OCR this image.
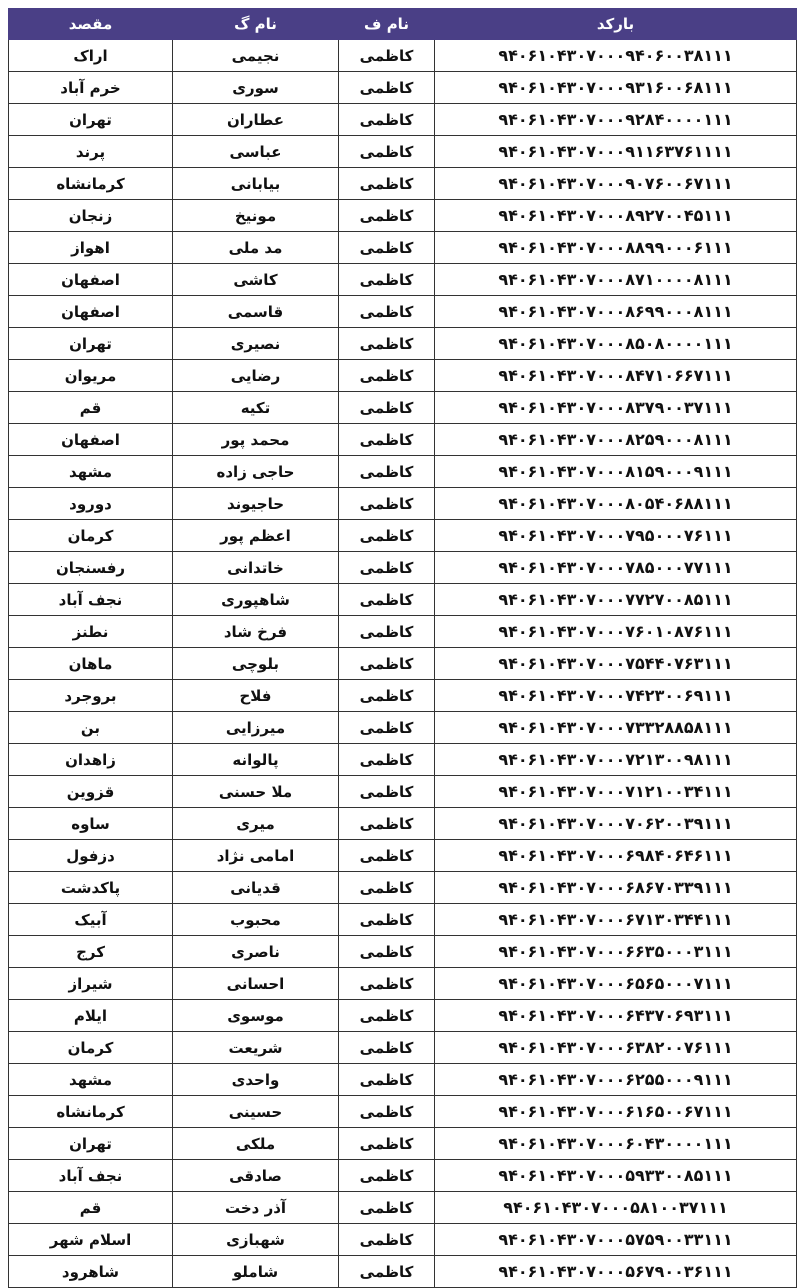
بارکد	نام ف	نام گ	مقصد
۹۴۰۶۱۰۴۳۰۷۰۰۰۹۴۰۶۰۰۳۸۱۱۱	کاظمی	نجیمی	اراک
۹۴۰۶۱۰۴۳۰۷۰۰۰۹۳۱۶۰۰۶۸۱۱۱	کاظمی	سوری	خرم آباد
۹۴۰۶۱۰۴۳۰۷۰۰۰۹۲۸۴۰۰۰۰۱۱۱	کاظمی	عطاران	تهران
۹۴۰۶۱۰۴۳۰۷۰۰۰۹۱۱۶۳۷۶۱۱۱۱	کاظمی	عباسی	پرند
۹۴۰۶۱۰۴۳۰۷۰۰۰۹۰۷۶۰۰۶۷۱۱۱	کاظمی	بیابانی	کرمانشاه
۹۴۰۶۱۰۴۳۰۷۰۰۰۸۹۲۷۰۰۴۵۱۱۱	کاظمی	مونیخ	زنجان
۹۴۰۶۱۰۴۳۰۷۰۰۰۸۸۹۹۰۰۰۶۱۱۱	کاظمی	مد ملی	اهواز
۹۴۰۶۱۰۴۳۰۷۰۰۰۸۷۱۰۰۰۰۸۱۱۱	کاظمی	کاشی	اصفهان
۹۴۰۶۱۰۴۳۰۷۰۰۰۸۶۹۹۰۰۰۸۱۱۱	کاظمی	قاسمی	اصفهان
۹۴۰۶۱۰۴۳۰۷۰۰۰۸۵۰۸۰۰۰۰۱۱۱	کاظمی	نصیری	تهران
۹۴۰۶۱۰۴۳۰۷۰۰۰۸۴۷۱۰۶۶۷۱۱۱	کاظمی	رضایی	مریوان
۹۴۰۶۱۰۴۳۰۷۰۰۰۸۳۷۹۰۰۳۷۱۱۱	کاظمی	تکیه	قم
۹۴۰۶۱۰۴۳۰۷۰۰۰۸۲۵۹۰۰۰۸۱۱۱	کاظمی	محمد پور	اصفهان
۹۴۰۶۱۰۴۳۰۷۰۰۰۸۱۵۹۰۰۰۹۱۱۱	کاظمی	حاجی زاده	مشهد
۹۴۰۶۱۰۴۳۰۷۰۰۰۸۰۵۴۰۶۸۸۱۱۱	کاظمی	حاجیوند	دورود
۹۴۰۶۱۰۴۳۰۷۰۰۰۷۹۵۰۰۰۷۶۱۱۱	کاظمی	اعظم پور	کرمان
۹۴۰۶۱۰۴۳۰۷۰۰۰۷۸۵۰۰۰۷۷۱۱۱	کاظمی	خاتدانی	رفسنجان
۹۴۰۶۱۰۴۳۰۷۰۰۰۷۷۲۷۰۰۸۵۱۱۱	کاظمی	شاهپوری	نجف آباد
۹۴۰۶۱۰۴۳۰۷۰۰۰۷۶۰۱۰۸۷۶۱۱۱	کاظمی	فرخ شاد	نطنز
۹۴۰۶۱۰۴۳۰۷۰۰۰۷۵۴۴۰۷۶۳۱۱۱	کاظمی	بلوچی	ماهان
۹۴۰۶۱۰۴۳۰۷۰۰۰۷۴۲۳۰۰۶۹۱۱۱	کاظمی	فلاح	بروجرد
۹۴۰۶۱۰۴۳۰۷۰۰۰۷۳۳۲۸۸۵۸۱۱۱	کاظمی	میرزایی	بن
۹۴۰۶۱۰۴۳۰۷۰۰۰۷۲۱۳۰۰۹۸۱۱۱	کاظمی	پالوانه	زاهدان
۹۴۰۶۱۰۴۳۰۷۰۰۰۷۱۲۱۰۰۳۴۱۱۱	کاظمی	ملا حسنی	قزوین
۹۴۰۶۱۰۴۳۰۷۰۰۰۷۰۶۲۰۰۳۹۱۱۱	کاظمی	میری	ساوه
۹۴۰۶۱۰۴۳۰۷۰۰۰۶۹۸۴۰۶۴۶۱۱۱	کاظمی	امامی نژاد	دزفول
۹۴۰۶۱۰۴۳۰۷۰۰۰۶۸۶۷۰۳۳۹۱۱۱	کاظمی	قدیانی	پاکدشت
۹۴۰۶۱۰۴۳۰۷۰۰۰۶۷۱۳۰۳۴۴۱۱۱	کاظمی	محبوب	آبیک
۹۴۰۶۱۰۴۳۰۷۰۰۰۶۶۳۵۰۰۰۳۱۱۱	کاظمی	ناصری	کرج
۹۴۰۶۱۰۴۳۰۷۰۰۰۶۵۶۵۰۰۰۷۱۱۱	کاظمی	احسانی	شیراز
۹۴۰۶۱۰۴۳۰۷۰۰۰۶۴۳۷۰۶۹۳۱۱۱	کاظمی	موسوی	ایلام
۹۴۰۶۱۰۴۳۰۷۰۰۰۶۳۸۲۰۰۷۶۱۱۱	کاظمی	شریعت	کرمان
۹۴۰۶۱۰۴۳۰۷۰۰۰۶۲۵۵۰۰۰۹۱۱۱	کاظمی	واحدی	مشهد
۹۴۰۶۱۰۴۳۰۷۰۰۰۶۱۶۵۰۰۶۷۱۱۱	کاظمی	حسینی	کرمانشاه
۹۴۰۶۱۰۴۳۰۷۰۰۰۶۰۴۳۰۰۰۰۱۱۱	کاظمی	ملکی	تهران
۹۴۰۶۱۰۴۳۰۷۰۰۰۵۹۳۳۰۰۸۵۱۱۱	کاظمی	صادقی	نجف آباد
۹۴۰۶۱۰۴۳۰۷۰۰۰۵۸۱۰۰۳۷۱۱۱	کاظمی	آذر دخت	قم
۹۴۰۶۱۰۴۳۰۷۰۰۰۵۷۵۹۰۰۳۳۱۱۱	کاظمی	شهبازی	اسلام شهر
۹۴۰۶۱۰۴۳۰۷۰۰۰۵۶۷۹۰۰۳۶۱۱۱	کاظمی	شاملو	شاهرود
